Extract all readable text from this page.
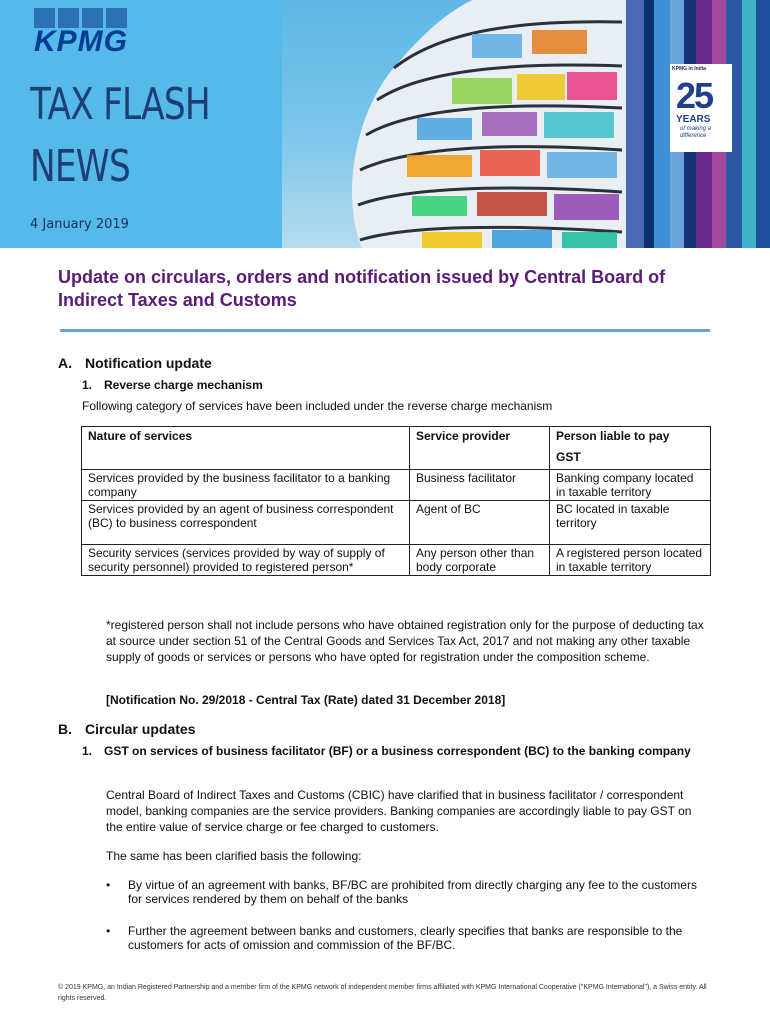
KPMG
TAX FLASH
NEWS
4 January 2019
KPMG in India
25
YEARS
of making a
difference
Update on circulars, orders and notification issued by Central Board of Indirect Taxes and Customs
A. Notification update
1. Reverse charge mechanism
Following category of services have been included under the reverse charge mechanism
Nature of services	Service provider	Person liable to pay
GST

Services provided by the business facilitator to a banking company	Business facilitator	Banking company located in taxable territory
Services provided by an agent of business correspondent (BC) to business correspondent	Agent of BC	BC located in taxable territory
Security services (services provided by way of supply of security personnel) provided to registered person*	Any person other than body corporate	A registered person located in taxable territory
*registered person shall not include persons who have obtained registration only for the purpose of deducting tax at source under section 51 of the Central Goods and Services Tax Act, 2017 and not making any other taxable supply of goods or services or persons who have opted for registration under the composition scheme.
[Notification No. 29/2018 - Central Tax (Rate) dated 31 December 2018]
B. Circular updates
1. GST on services of business facilitator (BF) or a business correspondent (BC) to the banking company
Central Board of Indirect Taxes and Customs (CBIC) have clarified that in business facilitator / correspondent model, banking companies are the service providers. Banking companies are accordingly liable to pay GST on the entire value of service charge or fee charged to customers.
The same has been clarified basis the following:
• By virtue of an agreement with banks, BF/BC are prohibited from directly charging any fee to the customers for services rendered by them on behalf of the banks
• Further the agreement between banks and customers, clearly specifies that banks are responsible to the customers for acts of omission and commission of the BF/BC.
© 2019 KPMG, an Indian Registered Partnership and a member firm of the KPMG network of independent member firms affiliated with KPMG International Cooperative ("KPMG International"), a Swiss entity. All rights reserved.
